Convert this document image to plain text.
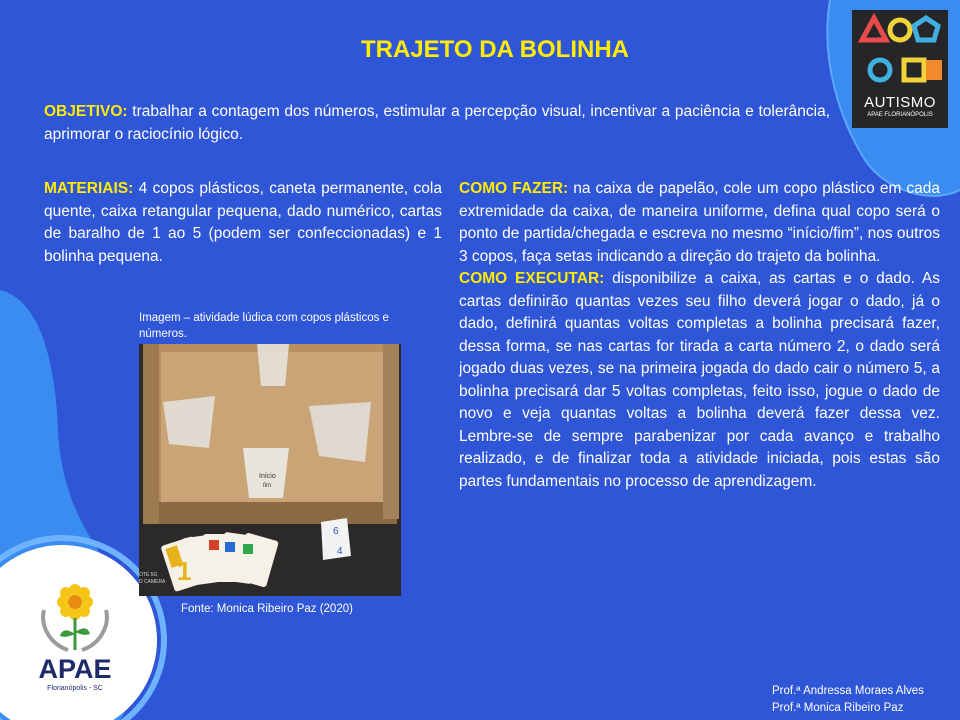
TRAJETO DA BOLINHA
OBJETIVO: trabalhar a contagem dos números, estimular a percepção visual, incentivar a paciência e tolerância, aprimorar o raciocínio lógico.
MATERIAIS: 4 copos plásticos, caneta permanente, cola quente, caixa retangular pequena, dado numérico, cartas de baralho de 1 ao 5 (podem ser confeccionadas) e 1 bolinha pequena.
COMO FAZER: na caixa de papelão, cole um copo plástico em cada extremidade da caixa, de maneira uniforme, defina qual copo será o ponto de partida/chegada e escreva no mesmo “início/fim”, nos outros 3 copos, faça setas indicando a direção do trajeto da bolinha.
COMO EXECUTAR: disponibilize a caixa, as cartas e o dado. As cartas definirão quantas vezes seu filho deverá jogar o dado, já o dado, definirá quantas voltas completas a bolinha precisará fazer, dessa forma, se nas cartas for tirada a carta número 2, o dado será jogado duas vezes, se na primeira jogada do dado cair o número 5, a bolinha precisará dar 5 voltas completas, feito isso, jogue o dado de novo e veja quantas voltas a bolinha deverá fazer dessa vez. Lembre-se de sempre parabenizar por cada avanço e trabalho realizado, e de finalizar toda a atividade iniciada, pois estas são partes fundamentais no processo de aprendizagem.
Imagem – atividade lúdica com copos plásticos e números.
Início
fim
1
6
4
OTE 5G
D CAMERA
Fonte: Monica Ribeiro Paz (2020)
AUTISMO
APAE FLORIANÓPOLIS
APAE
Florianópolis - SC	Prof.ª Andressa Moraes Alves
Prof.ª Monica Ribeiro Paz
